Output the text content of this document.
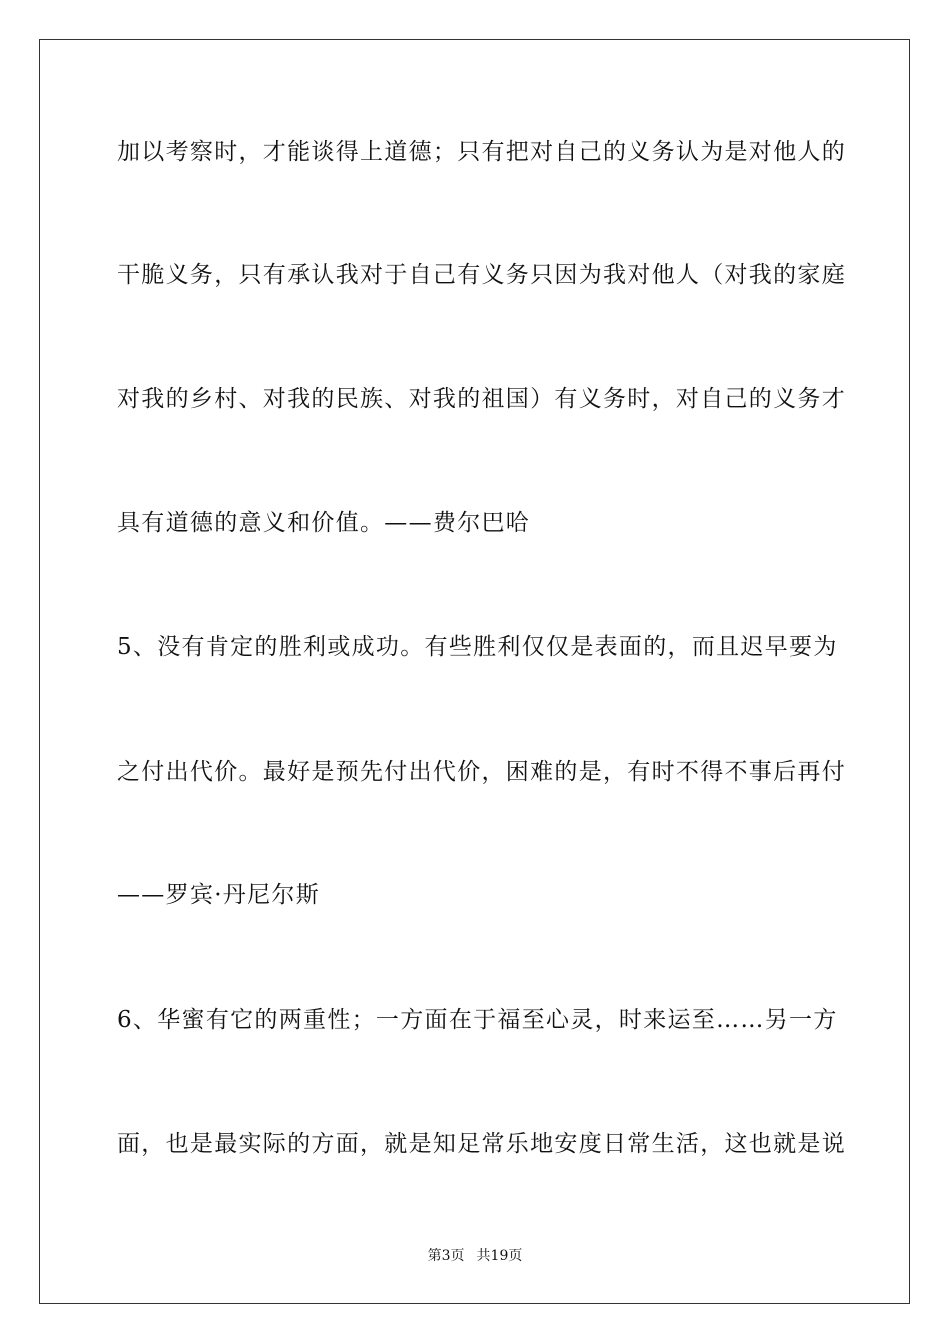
加以考察时，才能谈得上道德；只有把对自己的义务认为是对他人的
干脆义务，只有承认我对于自己有义务只因为我对他人（对我的家庭
对我的乡村、对我的民族、对我的祖国）有义务时，对自己的义务才
具有道德的意义和价值。——费尔巴哈
5、没有肯定的胜利或成功。有些胜利仅仅是表面的，而且迟早要为
之付出代价。最好是预先付出代价，困难的是，有时不得不事后再付
——罗宾·丹尼尔斯
6、华蜜有它的两重性；一方面在于福至心灵，时来运至……另一方
面，也是最实际的方面，就是知足常乐地安度日常生活，这也就是说
第3页 共19页
